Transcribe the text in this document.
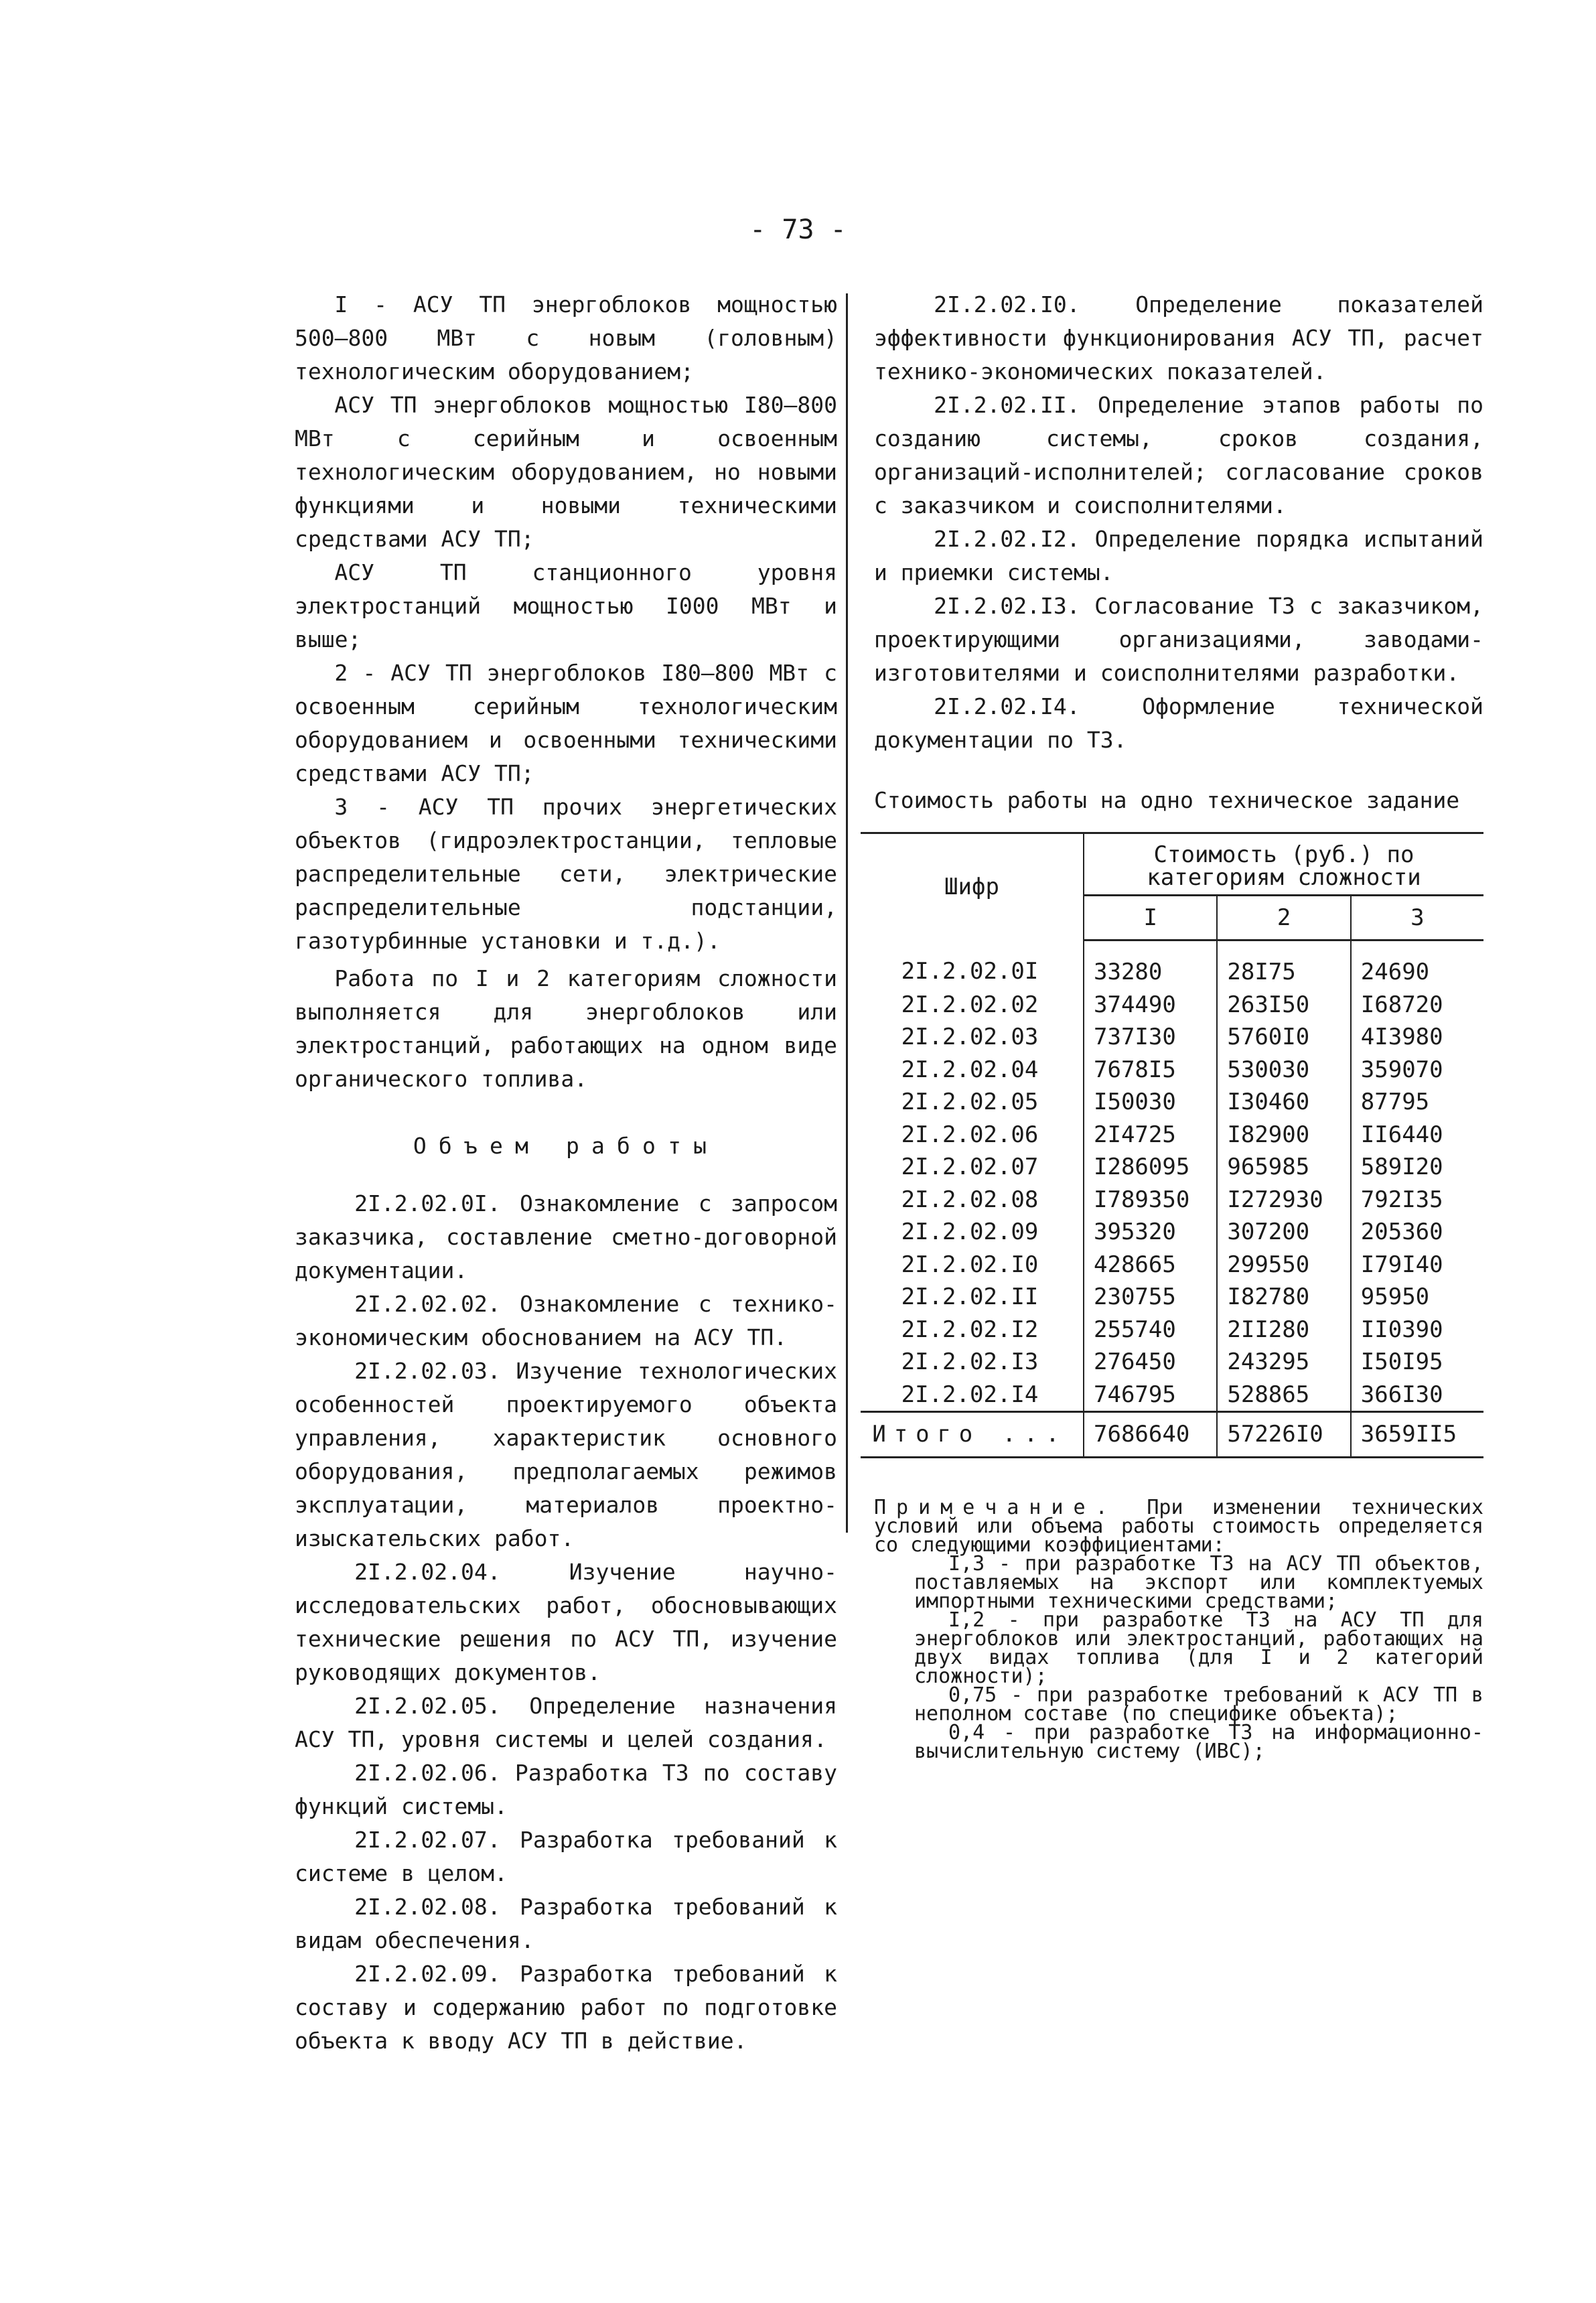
- 73 -

I - АСУ ТП энергоблоков мощностью 500–800 МВт с новым (головным) технологическим оборудованием;

АСУ ТП энергоблоков мощностью I80–800 МВт с серийным и освоенным технологическим оборудованием, но новыми функциями и новыми техническими средствами АСУ ТП;

АСУ ТП станционного уровня электростанций мощностью I000 МВт и выше;

2 - АСУ ТП энергоблоков I80–800 МВт с освоенным серийным технологическим оборудованием и освоенными техническими средствами АСУ ТП;

3 - АСУ ТП прочих энергетических объектов (гидроэлектростанции, тепловые распределительные сети, электрические распределительные подстанции, газотурбинные установки и т.д.).

Работа по I и 2 категориям сложности выполняется для энергоблоков или электростанций, работающих на одном виде органического топлива.

Объем работы

2I.2.02.0I. Ознакомление с запросом заказчика, составление сметно-договорной документации.

2I.2.02.02. Ознакомление с технико-экономическим обоснованием на АСУ ТП.

2I.2.02.03. Изучение технологических особенностей проектируемого объекта управления, характеристик основного оборудования, предполагаемых режимов эксплуатации, материалов проектно-изыскательских работ.

2I.2.02.04. Изучение научно-исследовательских работ, обосновывающих технические решения по АСУ ТП, изучение руководящих документов.

2I.2.02.05. Определение назначения АСУ ТП, уровня системы и целей создания.

2I.2.02.06. Разработка ТЗ по составу функций системы.

2I.2.02.07. Разработка требований к системе в целом.

2I.2.02.08. Разработка требований к видам обеспечения.

2I.2.02.09. Разработка требований к составу и содержанию работ по подготовке объекта к вводу АСУ ТП в действие.

2I.2.02.I0. Определение показателей эффективности функционирования АСУ ТП, расчет технико-экономических показателей.

2I.2.02.II. Определение этапов работы по созданию системы, сроков создания, организаций-исполнителей; согласование сроков с заказчиком и соисполнителями.

2I.2.02.I2. Определение порядка испытаний и приемки системы.

2I.2.02.I3. Согласование ТЗ с заказчиком, проектирующими организациями, заводами-изготовителями и соисполнителями разработки.

2I.2.02.I4. Оформление технической документации по ТЗ.

Стоимость работы на одно техническое задание

Шифр	Стоимость (руб.) по категориям сложности		
	I	2	3
2I.2.02.0I	33280	28I75	24690
2I.2.02.02	374490	263I50	I68720
2I.2.02.03	737I30	5760I0	4I3980
2I.2.02.04	7678I5	530030	359070
2I.2.02.05	I50030	I30460	87795
2I.2.02.06	2I4725	I82900	II6440
2I.2.02.07	I286095	965985	589I20
2I.2.02.08	I789350	I272930	792I35
2I.2.02.09	395320	307200	205360
2I.2.02.I0	428665	299550	I79I40
2I.2.02.II	230755	I82780	95950
2I.2.02.I2	255740	2II280	II0390
2I.2.02.I3	276450	243295	I50I95
2I.2.02.I4	746795	528865	366I30
Итого ...	7686640	57226I0	3659II5

Примечание. При изменении технических условий или объема работы стоимость определяется со следующими коэффициентами:

I,3 - при разработке ТЗ на АСУ ТП объектов, поставляемых на экспорт или комплектуемых импортными техническими средствами;

I,2 - при разработке ТЗ на АСУ ТП для энергоблоков или электростанций, работающих на двух видах топлива (для I и 2 категорий сложности);

0,75 - при разработке требований к АСУ ТП в неполном составе (по специфике объекта);

0,4 - при разработке ТЗ на информационно-вычислительную систему (ИВС);
